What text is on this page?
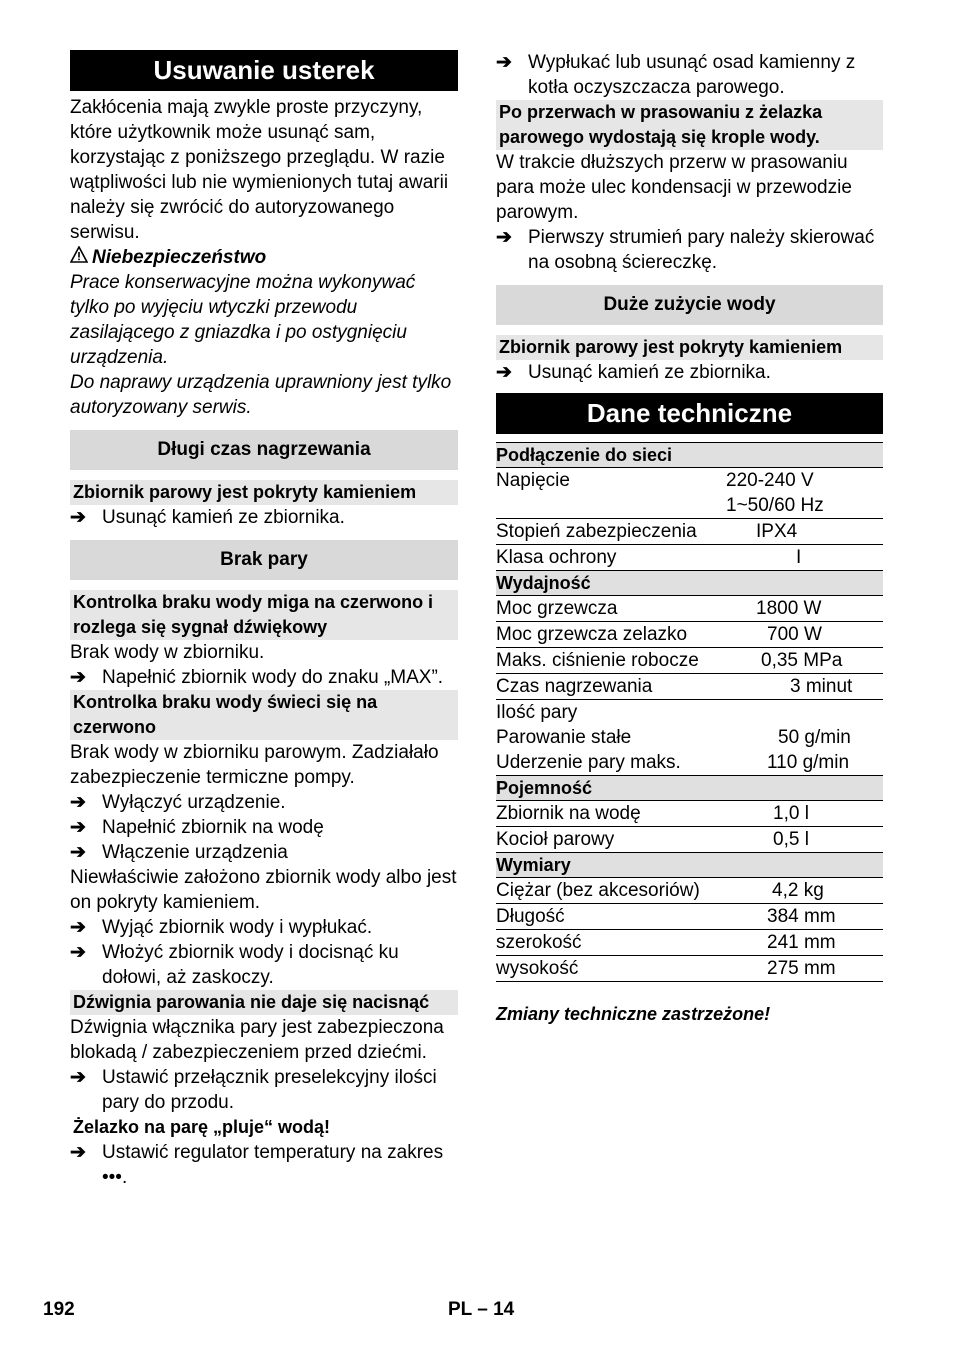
Usuwanie usterek

Zakłócenia mają zwykle proste przyczyny, które użytkownik może usunąć sam, korzystając z poniższego przeglądu. W razie wątpliwości lub nie wymienionych tutaj awarii należy się zwrócić do autoryzowanego serwisu.

Niebezpieczeństwo

Prace konserwacyjne można wykonywać tylko po wyjęciu wtyczki przewodu zasilającego z gniazdka i po ostygnięciu urządzenia.

Do naprawy urządzenia uprawniony jest tylko autoryzowany serwis.

Długi czas nagrzewania
Zbiornik parowy jest pokryty kamieniem
➔ Usunąć kamień ze zbiornika.
Brak pary
Kontrolka braku wody miga na czerwono i rozlega się sygnał dźwiękowy

Brak wody w zbiorniku.

➔ Napełnić zbiornik wody do znaku „MAX”.
Kontrolka braku wody świeci się na czerwono

Brak wody w zbiorniku parowym. Zadziałało zabezpieczenie termiczne pompy.

➔ Wyłączyć urządzenie.
➔ Napełnić zbiornik na wodę
➔ Włączenie urządzenia

Niewłaściwie założono zbiornik wody albo jest on pokryty kamieniem.

➔ Wyjąć zbiornik wody i wypłukać.
➔ Włożyć zbiornik wody i docisnąć ku dołowi, aż zaskoczy.
Dźwignia parowania nie daje się nacisnąć

Dźwignia włącznika pary jest zabezpieczona blokadą / zabezpieczeniem przed dziećmi.

➔ Ustawić przełącznik preselekcyjny ilości pary do przodu.
Żelazko na parę „pluje“ wodą!
➔ Ustawić regulator temperatury na zakres •••.
➔ Wypłukać lub usunąć osad kamienny z kotła oczyszczacza parowego.
Po przerwach w prasowaniu z żelazka parowego wydostają się krople wody.

W trakcie dłuższych przerw w prasowaniu para może ulec kondensacji w przewodzie parowym.

➔ Pierwszy strumień pary należy skierować na osobną ściereczkę.
Duże zużycie wody
Zbiornik parowy jest pokryty kamieniem
➔ Usunąć kamień ze zbiornika.
Dane techniczne
Podłączenie do sieci
Napięcie	220-240 V
1~50/60 Hz
Stopień zabezpieczenia	IPX4
Klasa ochrony	I
Wydajność
Moc grzewcza	1800 W
Moc grzewcza zelazko	700 W
Maks. ciśnienie robocze	0,35 MPa
Czas nagrzewania	3 minut
Ilość pary
Parowanie stałe	50 g/min
Uderzenie pary maks.	110 g/min
Pojemność
Zbiornik na wodę	1,0 l
Kocioł parowy	0,5 l
Wymiary
Ciężar (bez akcesoriów)	4,2 kg
Długość	384 mm
szerokość	241 mm
wysokość	275 mm

Zmiany techniczne zastrzeżone!

192	PL – 14
